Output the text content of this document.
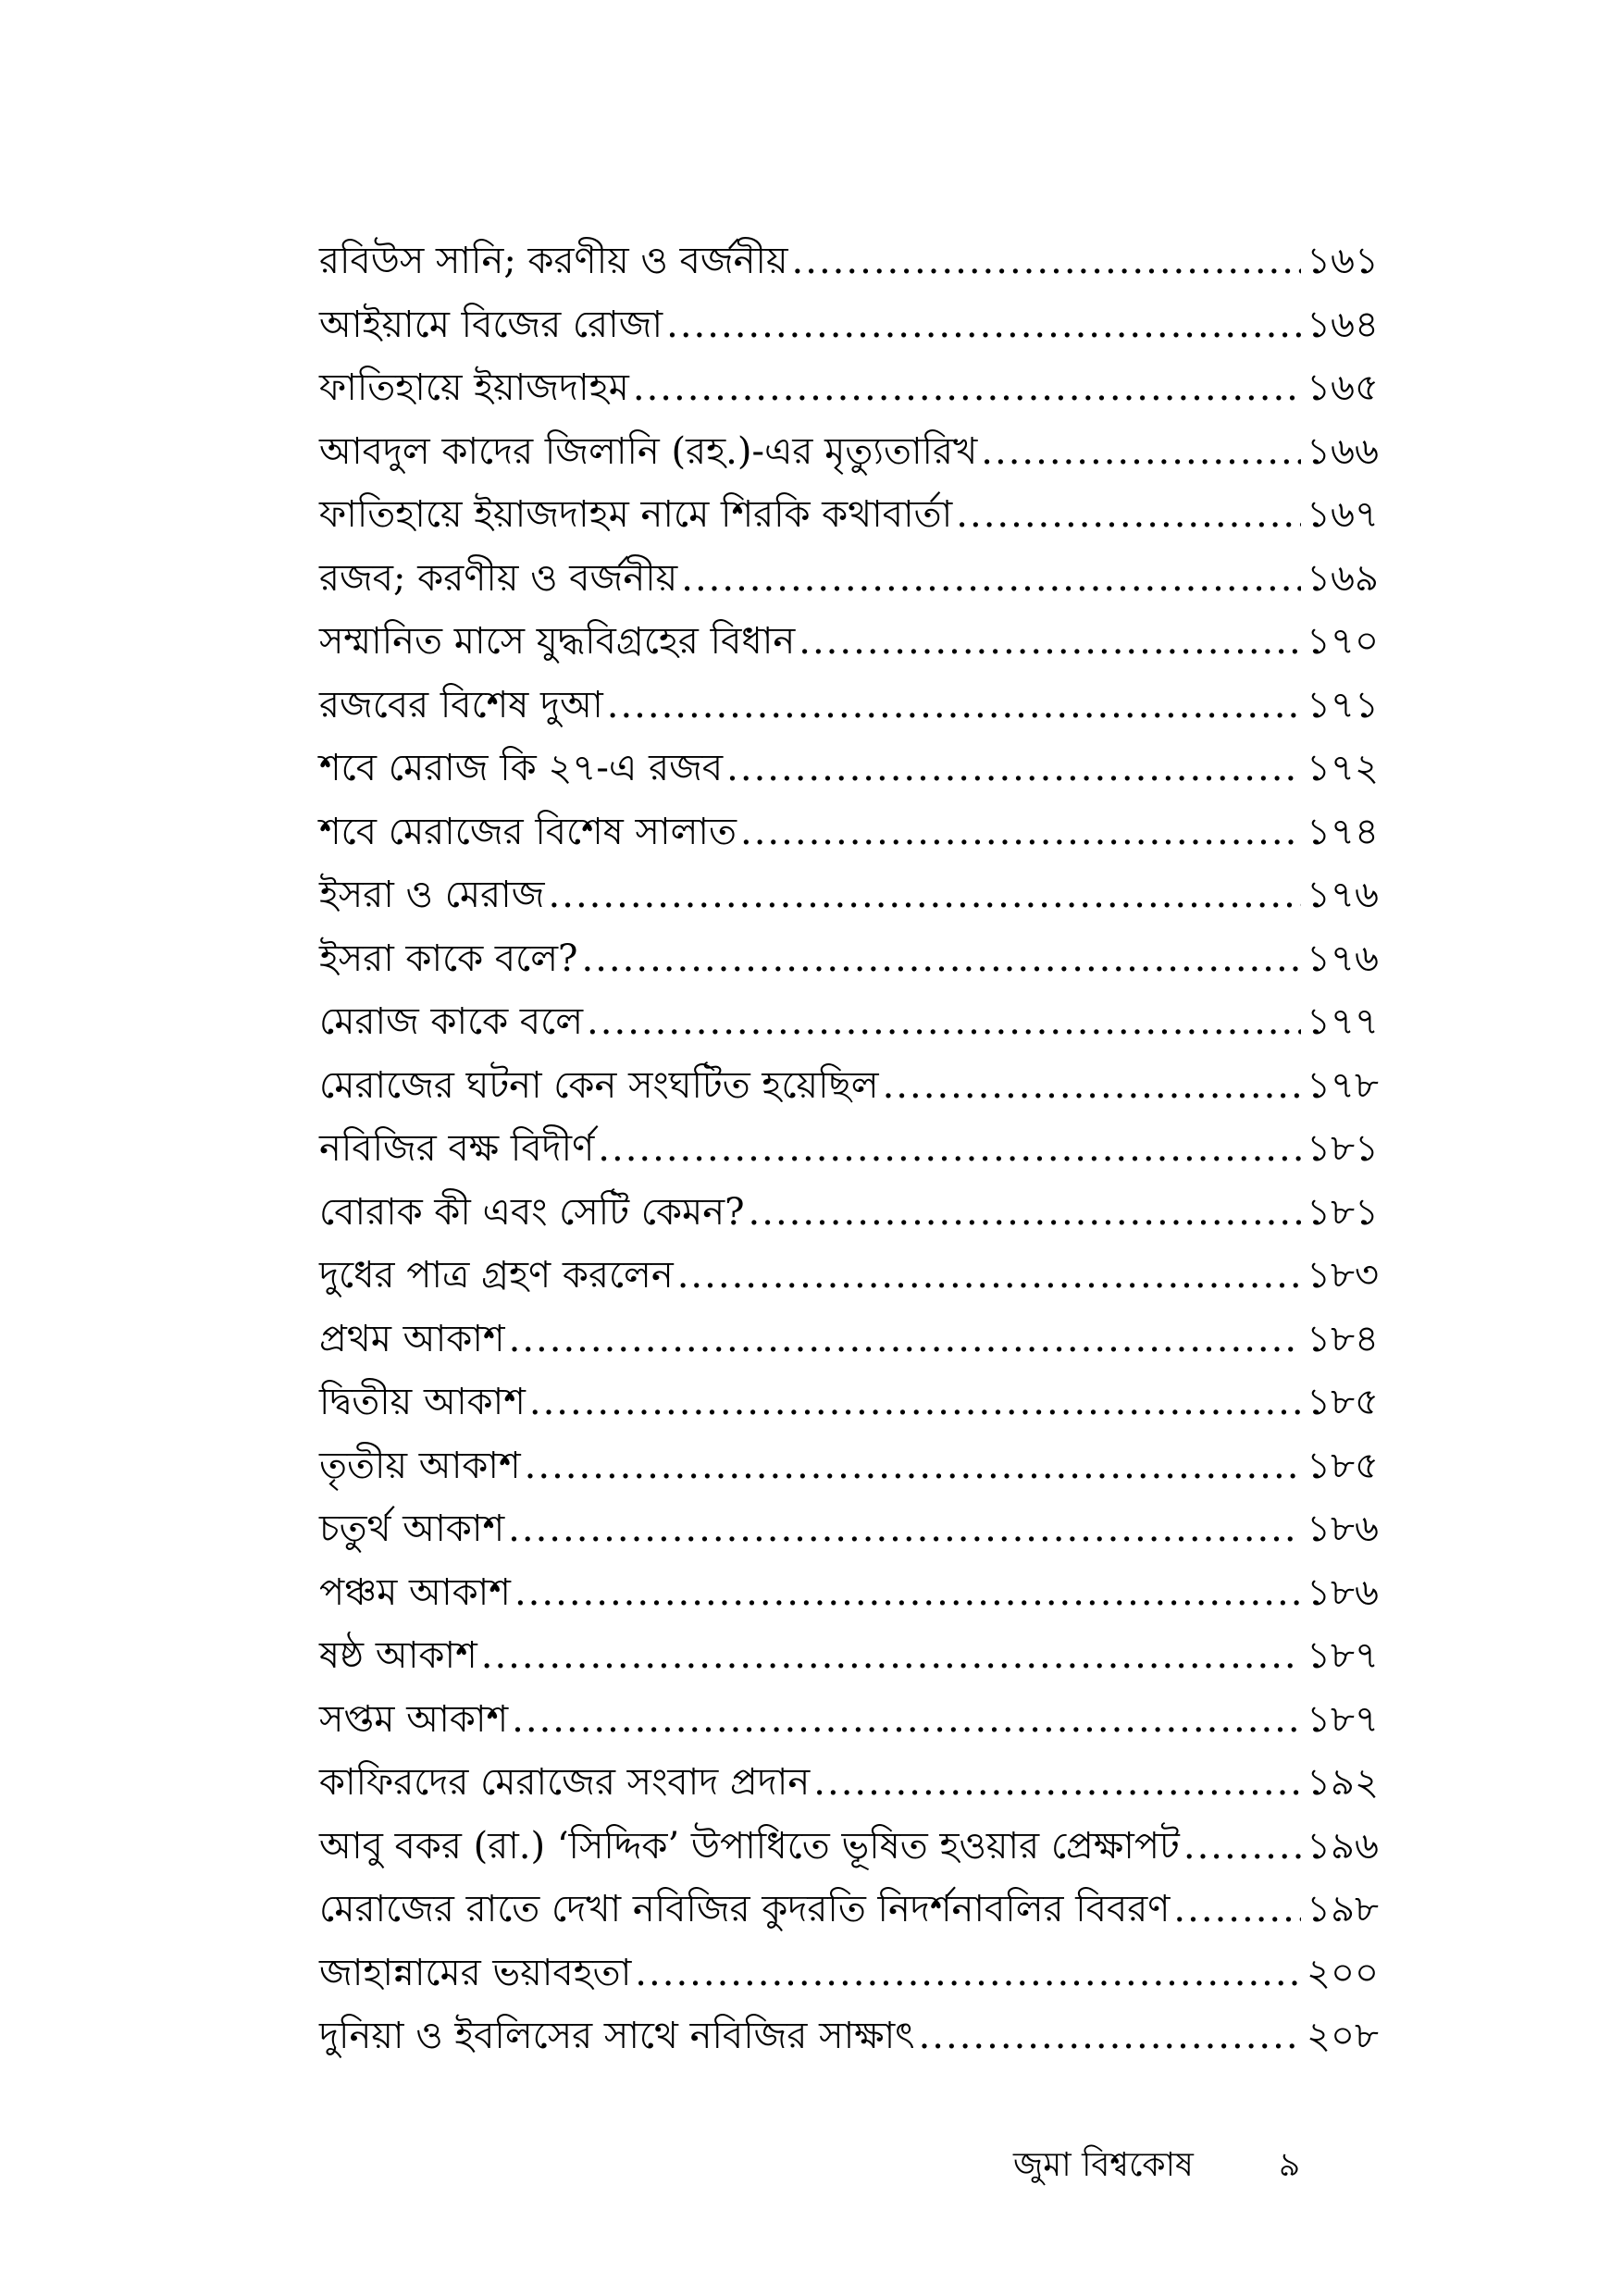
রবিউস সানি; করণীয় ও বর্জনীয় .....	১৬১
আইয়ামে বিজের রোজা .....	১৬৪
ফাতিহায়ে ইয়াজদাহম .....	১৬৫
আবদুল কাদের জিলানি (রহ.)-এর মৃত্যুতারিখ .....	১৬৬
ফাতিহায়ে ইয়াজদাহম নামে শিরকি কথাবার্তা .....	১৬৭
রজব; করণীয় ও বর্জনীয় .....	১৬৯
সম্মানিত মাসে যুদ্ধবিগ্রহের বিধান .....	১৭০
রজবের বিশেষ দুআ .....	১৭১
শবে মেরাজ কি ২৭-এ রজব .....	১৭২
শবে মেরাজের বিশেষ সালাত .....	১৭৪
ইসরা ও মেরাজ .....	১৭৬
ইসরা কাকে বলে? .....	১৭৬
মেরাজ কাকে বলে .....	১৭৭
মেরাজের ঘটনা কেন সংঘটিত হয়েছিল .....	১৭৮
নবিজির বক্ষ বিদীর্ণ .....	১৮১
বোরাক কী এবং সেটি কেমন? .....	১৮১
দুধের পাত্র গ্রহণ করলেন .....	১৮৩
প্রথম আকাশ .....	১৮৪
দ্বিতীয় আকাশ .....	১৮৫
তৃতীয় আকাশ .....	১৮৫
চতুর্থ আকাশ .....	১৮৬
পঞ্চম আকাশ .....	১৮৬
ষষ্ঠ আকাশ .....	১৮৭
সপ্তম আকাশ .....	১৮৭
কাফিরদের মেরাজের সংবাদ প্রদান .....	১৯২
আবু বকর (রা.) ‘সিদ্দিক’ উপাধিতে ভূষিত হওয়ার প্রেক্ষাপট .....	১৯৬
মেরাজের রাতে দেখা নবিজির কুদরতি নিদর্শনাবলির বিবরণ .....	১৯৮
জাহান্নামের ভয়াবহতা .....	২০০
দুনিয়া ও ইবলিসের সাথে নবিজির সাক্ষাৎ .....	২০৮
জুমা বিশ্বকোষ	৯
